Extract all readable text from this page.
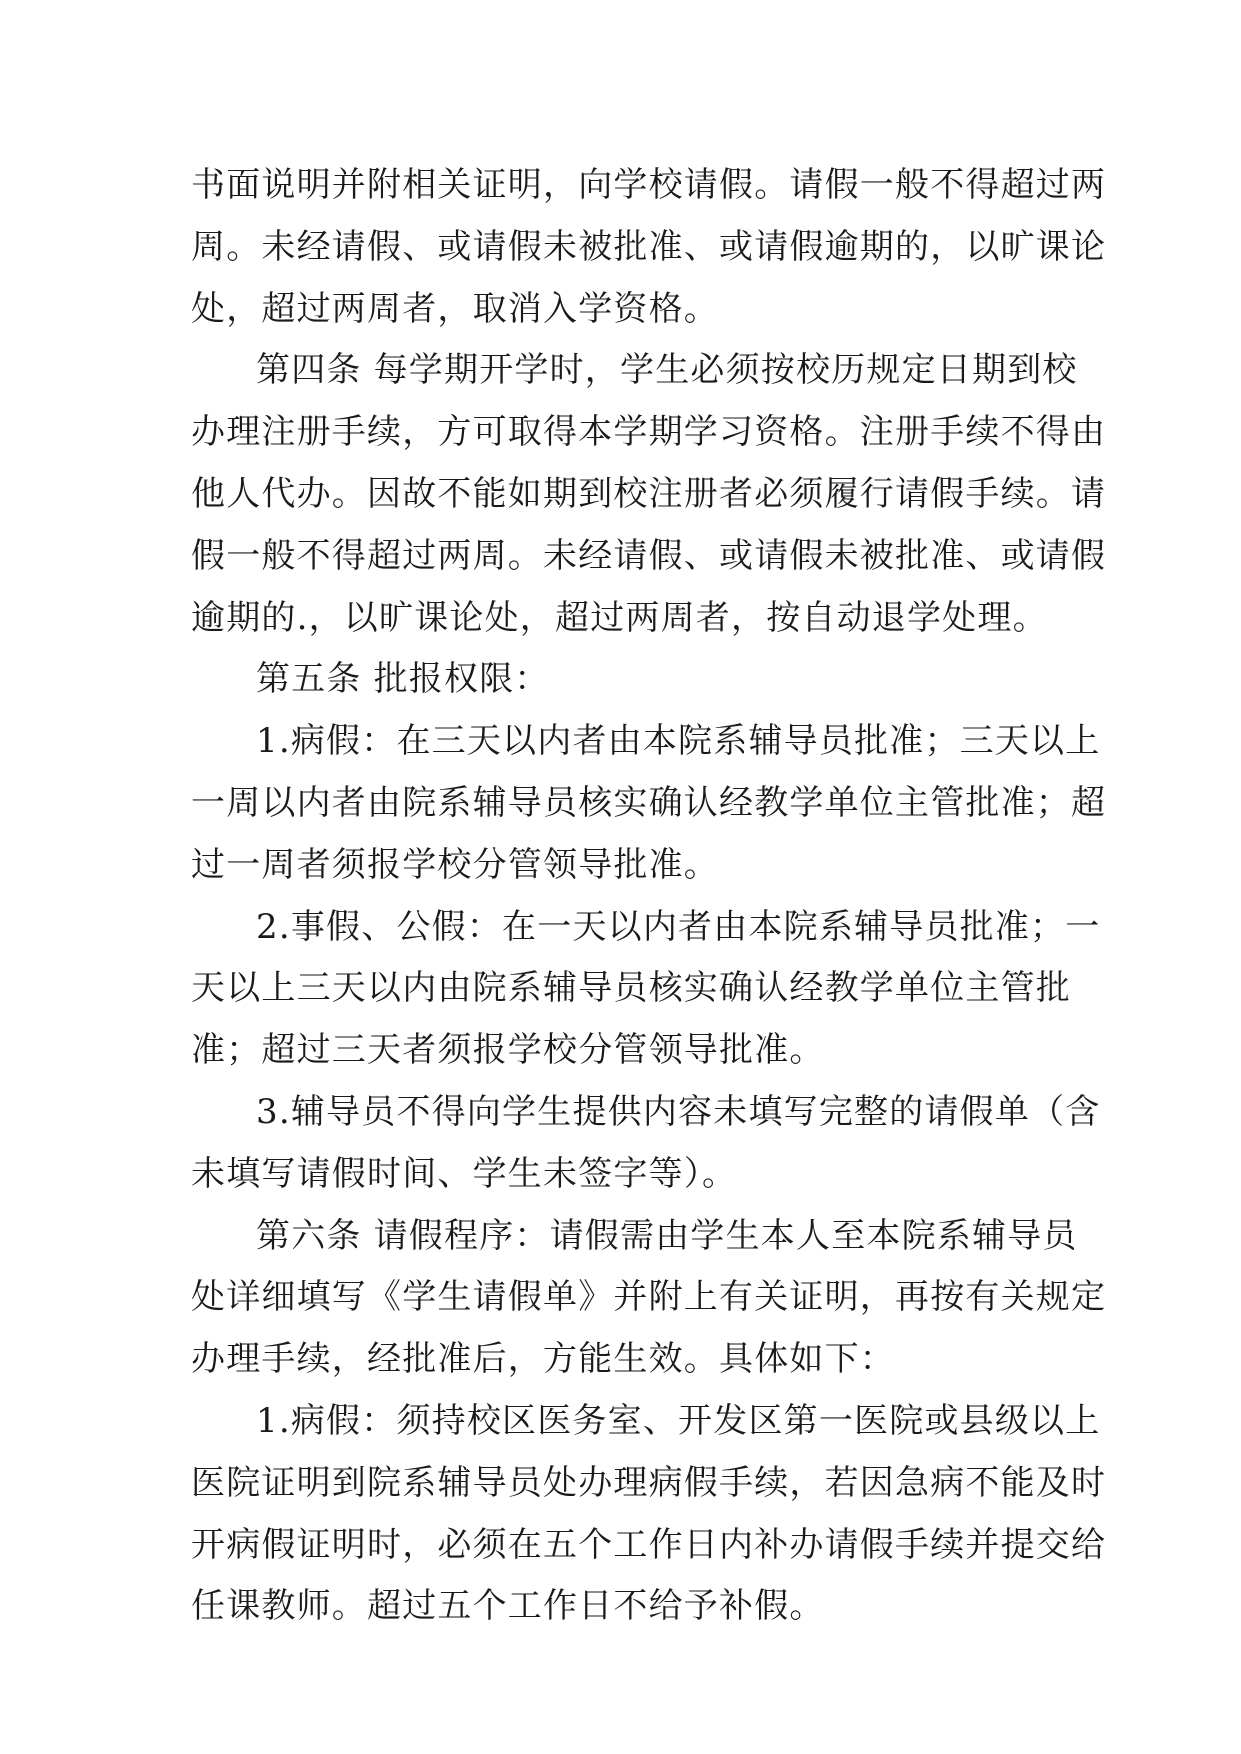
书面说明并附相关证明，向学校请假。请假一般不得超过两
周。未经请假、或请假未被批准、或请假逾期的，以旷课论
处，超过两周者，取消入学资格。
第四条 每学期开学时，学生必须按校历规定日期到校
办理注册手续，方可取得本学期学习资格。注册手续不得由
他人代办。因故不能如期到校注册者必须履行请假手续。请
假一般不得超过两周。未经请假、或请假未被批准、或请假
逾期的.，以旷课论处，超过两周者，按自动退学处理。
第五条 批报权限：
1.病假：在三天以内者由本院系辅导员批准；三天以上
一周以内者由院系辅导员核实确认经教学单位主管批准；超
过一周者须报学校分管领导批准。
2.事假、公假：在一天以内者由本院系辅导员批准；一
天以上三天以内由院系辅导员核实确认经教学单位主管批
准；超过三天者须报学校分管领导批准。
3.辅导员不得向学生提供内容未填写完整的请假单（含
未填写请假时间、学生未签字等）。
第六条 请假程序：请假需由学生本人至本院系辅导员
处详细填写《学生请假单》并附上有关证明，再按有关规定
办理手续，经批准后，方能生效。具体如下：
1.病假：须持校区医务室、开发区第一医院或县级以上
医院证明到院系辅导员处办理病假手续，若因急病不能及时
开病假证明时，必须在五个工作日内补办请假手续并提交给
任课教师。超过五个工作日不给予补假。
